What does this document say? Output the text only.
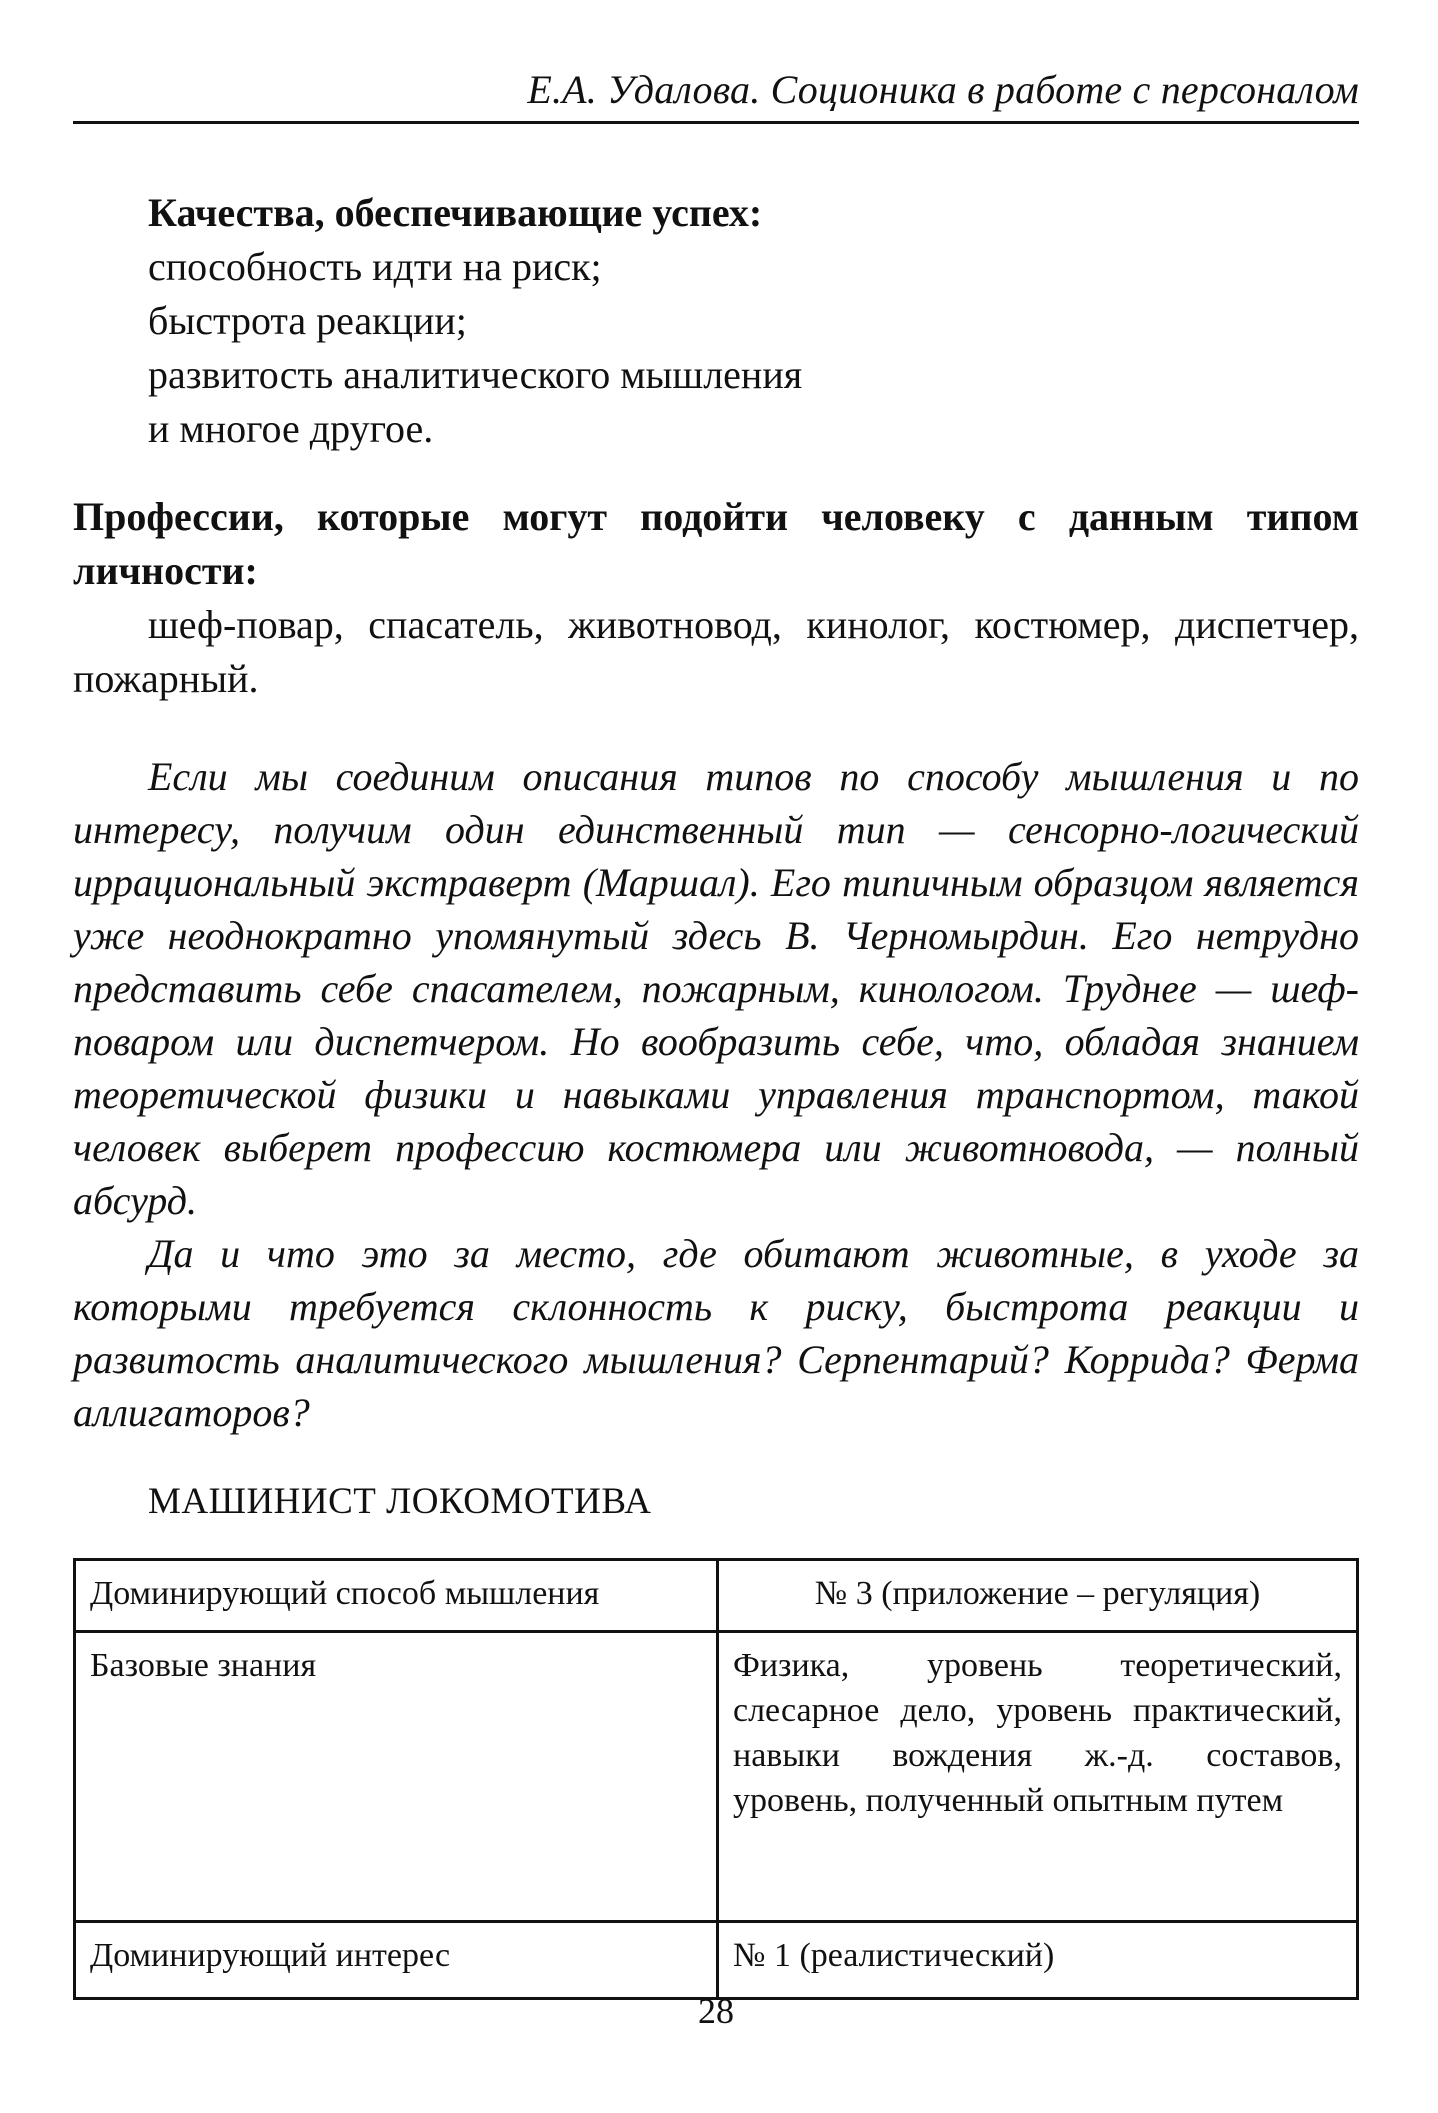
Е.А. Удалова. Соционика в работе с персоналом
Качества, обеспечивающие успех:
способность идти на риск;
быстрота реакции;
развитость аналитического мышления
и многое другое.
Профессии, которые могут подойти человеку с данным типом личности:
шеф-повар, спасатель, животновод, кинолог, костюмер, диспетчер, пожарный.

Если мы соединим описания типов по способу мышления и по интересу, получим один единственный тип — сенсорно-логический иррациональный экстраверт (Маршал). Его типичным образцом является уже неоднократно упомянутый здесь В. Черномырдин. Его нетрудно представить себе спасателем, пожарным, кинологом. Труднее — шеф-поваром или диспетчером. Но вообразить себе, что, обладая знанием теоретической физики и навыками управления транспортом, такой человек выберет профессию костюмера или животновода, — полный абсурд.

Да и что это за место, где обитают животные, в уходе за которыми требуется склонность к риску, быстрота реакции и развитость аналитического мышления? Серпентарий? Коррида? Ферма аллигаторов?

МАШИНИСТ ЛОКОМОТИВА
Доминирующий способ мышления	№ 3 (приложение – регуляция)
Базовые знания	Физика, уровень теоретический, слесарное дело, уровень практический, навыки вождения ж.-д. составов, уровень, полученный опытным путем
Доминирующий интерес	№ 1 (реалистический)
28
